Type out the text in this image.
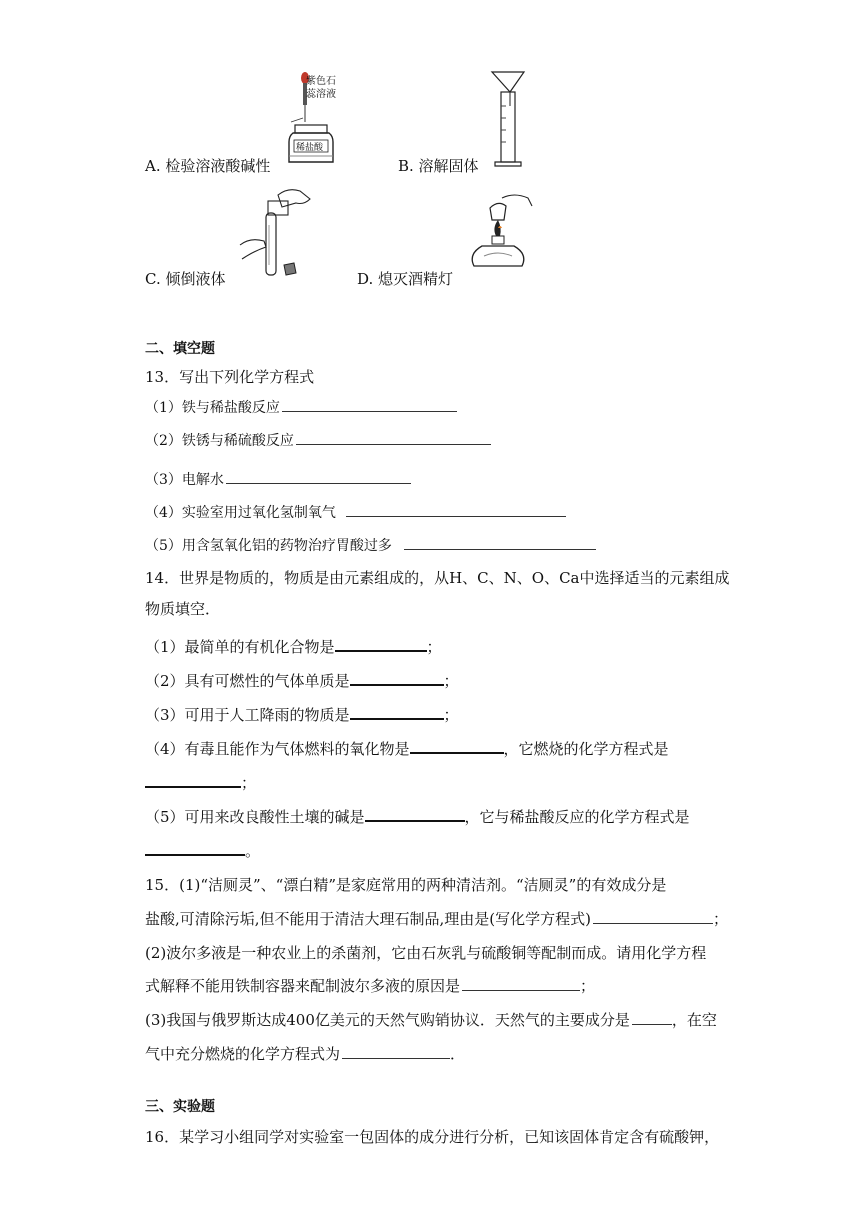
紫色石
蕊溶液
稀盐酸
A. 检验溶液酸碱性	B. 溶解固体
C. 倾倒液体	D. 熄灭酒精灯
二、填空题
13．写出下列化学方程式
（1）铁与稀盐酸反应
（2）铁锈与稀硫酸反应
（3）电解水
（4）实验室用过氧化氢制氧气
（5）用含氢氧化铝的药物治疗胃酸过多
14．世界是物质的，物质是由元素组成的，从H、C、N、O、Ca中选择适当的元素组成
物质填空．
（1）最简单的有机化合物是	；
（2）具有可燃性的气体单质是	；
（3）可用于人工降雨的物质是	；
（4）有毒且能作为气体燃料的氧化物是	，它燃烧的化学方程式是
；
（5）可用来改良酸性土壤的碱是	，它与稀盐酸反应的化学方程式是
。
15．(1)“洁厕灵”、“漂白精”是家庭常用的两种清洁剂。“洁厕灵”的有效成分是
盐酸,可清除污垢,但不能用于清洁大理石制品,理由是(写化学方程式)	；
(2)波尔多液是一种农业上的杀菌剂，它由石灰乳与硫酸铜等配制而成。请用化学方程
式解释不能用铁制容器来配制波尔多液的原因是	；
(3)我国与俄罗斯达成400亿美元的天然气购销协议．天然气的主要成分是	，在空
气中充分燃烧的化学方程式为	．
三、实验题
16．某学习小组同学对实验室一包固体的成分进行分析，已知该固体肯定含有硫酸钾，
